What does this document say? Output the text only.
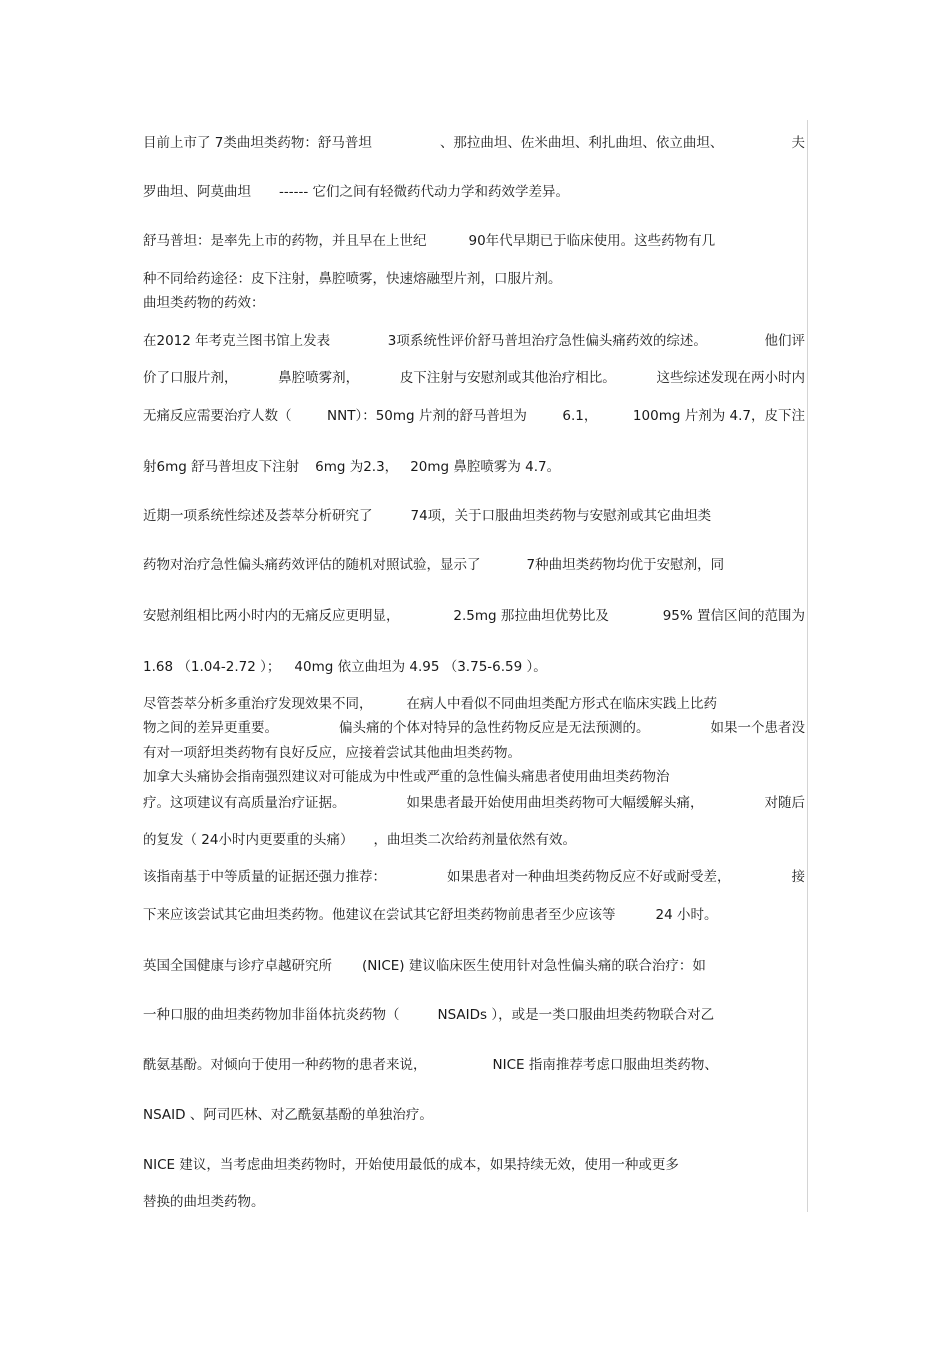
目前上市了 7类曲坦类药物：舒马普坦	、那拉曲坦、佐米曲坦、利扎曲坦、依立曲坦、	夫
罗曲坦、阿莫曲坦 ------ 它们之间有轻微药代动力学和药效学差异。
舒马普坦：是率先上市的药物，并且早在上世纪	90年代早期已于临床使用。这些药物有几
种不同给药途径：皮下注射，鼻腔喷雾，快速熔融型片剂，口服片剂。
曲坦类药物的药效：
在2012 年考克兰图书馆上发表	3项系统性评价舒马普坦治疗急性偏头痛药效的综述。	他们评
价了口服片剂，	鼻腔喷雾剂，	皮下注射与安慰剂或其他治疗相比。	这些综述发现在两小时内
无痛反应需要治疗人数（	NNT）：50mg 片剂的舒马普坦为	6.1，	100mg 片剂为 4.7，皮下注
射6mg 舒马普坦皮下注射 6mg 为2.3， 20mg 鼻腔喷雾为 4.7。
近期一项系统性综述及荟萃分析研究了	74项，关于口服曲坦类药物与安慰剂或其它曲坦类
药物对治疗急性偏头痛药效评估的随机对照试验，显示了	7种曲坦类药物均优于安慰剂，同
安慰剂组相比两小时内的无痛反应更明显，	2.5mg 那拉曲坦优势比及	95% 置信区间的范围为
1.68 （1.04-2.72 ）； 40mg 依立曲坦为 4.95 （3.75-6.59 ）。
尽管荟萃分析多重治疗发现效果不同，	在病人中看似不同曲坦类配方形式在临床实践上比药
物之间的差异更重要。	偏头痛的个体对特异的急性药物反应是无法预测的。	如果一个患者没
有对一项舒坦类药物有良好反应，应接着尝试其他曲坦类药物。
加拿大头痛协会指南强烈建议对可能成为中性或严重的急性偏头痛患者使用曲坦类药物治
疗。这项建议有高质量治疗证据。	如果患者最开始使用曲坦类药物可大幅缓解头痛，	对随后
的复发（ 24小时内更要重的头痛） ，曲坦类二次给药剂量依然有效。
该指南基于中等质量的证据还强力推荐：	如果患者对一种曲坦类药物反应不好或耐受差，	接
下来应该尝试其它曲坦类药物。他建议在尝试其它舒坦类药物前患者至少应该等	24 小时。
英国全国健康与诊疗卓越研究所 (NICE) 建议临床医生使用针对急性偏头痛的联合治疗：如
一种口服的曲坦类药物加非甾体抗炎药物（	NSAIDs ），或是一类口服曲坦类药物联合对乙
酰氨基酚。对倾向于使用一种药物的患者来说，	NICE 指南推荐考虑口服曲坦类药物、
NSAID 、阿司匹林、对乙酰氨基酚的单独治疗。
NICE 建议，当考虑曲坦类药物时，开始使用最低的成本，如果持续无效，使用一种或更多
替换的曲坦类药物。
